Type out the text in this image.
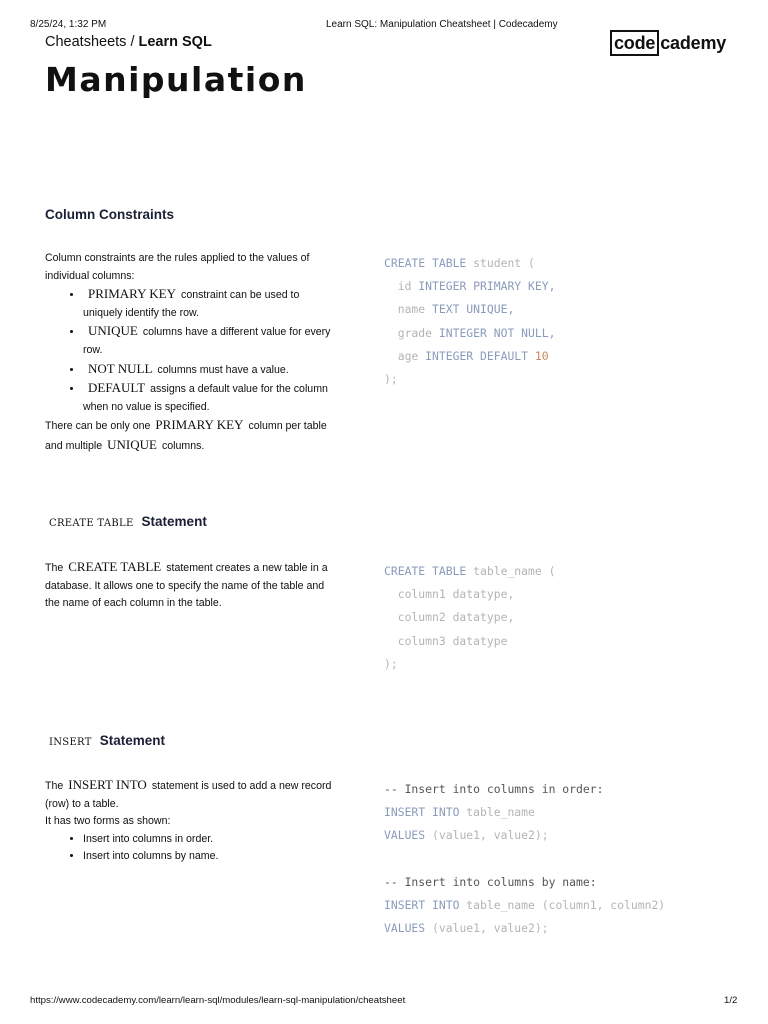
8/25/24, 1:32 PM	Learn SQL: Manipulation Cheatsheet | Codecademy
Cheatsheets / Learn SQL	code cademy
Manipulation
Column Constraints
Column constraints are the rules applied to the values of individual columns:
• PRIMARY KEY constraint can be used to uniquely identify the row.
• UNIQUE columns have a different value for every row.
• NOT NULL columns must have a value.
• DEFAULT assigns a default value for the column when no value is specified.
There can be only one PRIMARY KEY column per table and multiple UNIQUE columns.
CREATE TABLE student (
id INTEGER PRIMARY KEY,
name TEXT UNIQUE,
grade INTEGER NOT NULL,
age INTEGER DEFAULT 10
);
CREATE TABLE Statement
The CREATE TABLE statement creates a new table in a database. It allows one to specify the name of the table and the name of each column in the table.
CREATE TABLE table_name (
column1 datatype,
column2 datatype,
column3 datatype
);
INSERT Statement
The INSERT INTO statement is used to add a new record (row) to a table.
It has two forms as shown:
• Insert into columns in order.
• Insert into columns by name.
-- Insert into columns in order:
INSERT INTO table_name
VALUES (value1, value2);

-- Insert into columns by name:
INSERT INTO table_name (column1, column2)
VALUES (value1, value2);
https://www.codecademy.com/learn/learn-sql/modules/learn-sql-manipulation/cheatsheet	1/2
